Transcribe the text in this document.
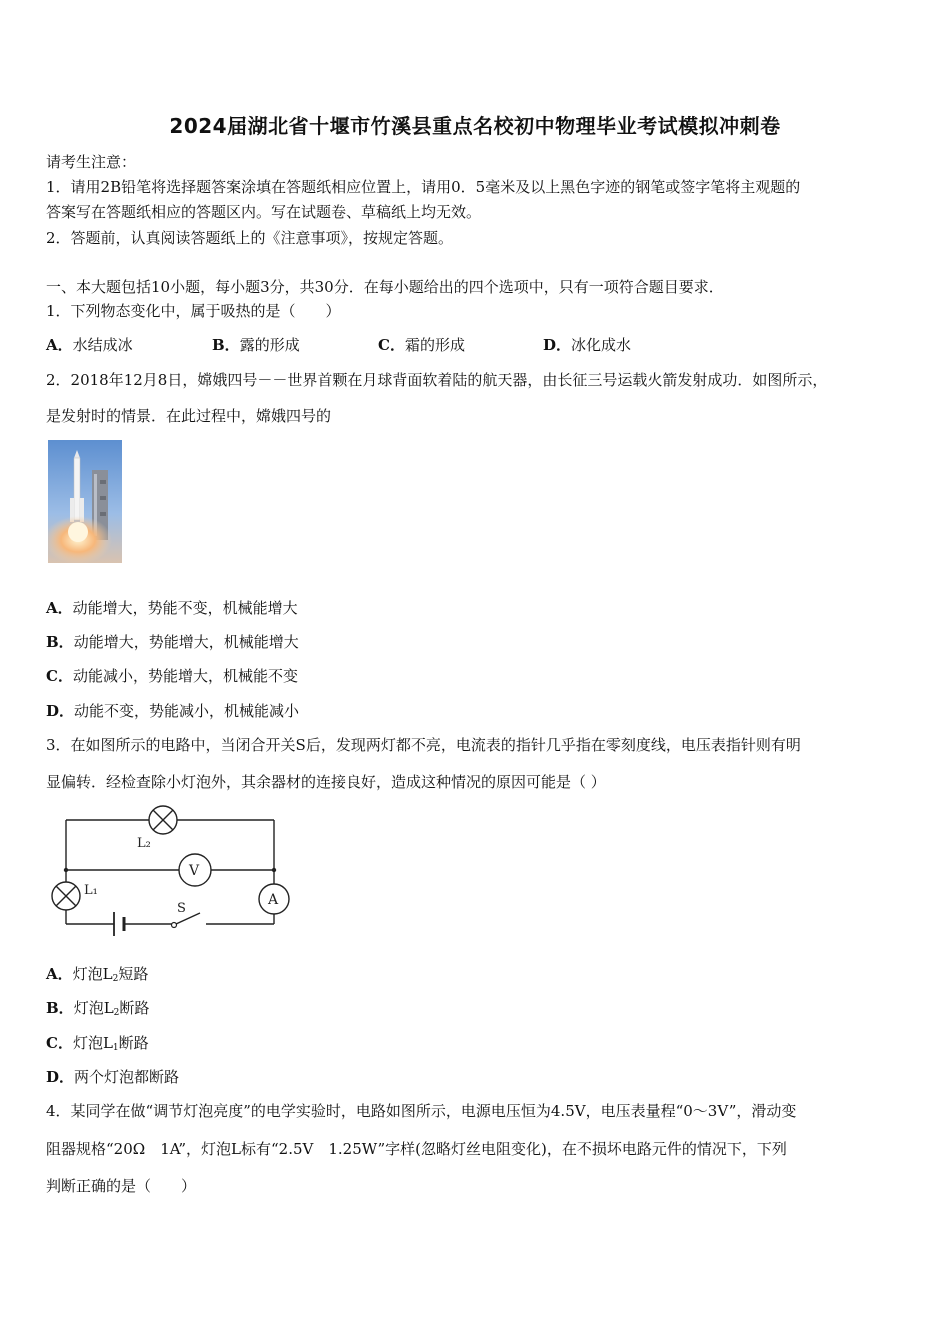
2024届湖北省十堰市竹溪县重点名校初中物理毕业考试模拟冲刺卷
请考生注意：
1．请用2B铅笔将选择题答案涂填在答题纸相应位置上，请用0．5毫米及以上黑色字迹的钢笔或签字笔将主观题的
答案写在答题纸相应的答题区内。写在试题卷、草稿纸上均无效。
2．答题前，认真阅读答题纸上的《注意事项》，按规定答题。
一、本大题包括10小题，每小题3分，共30分．在每小题给出的四个选项中，只有一项符合题目要求．
1．下列物态变化中，属于吸热的是（　　）
A．水结成冰	B．露的形成	C．霜的形成	D．冰化成水
2．2018年12月8日，嫦娥四号－－世界首颗在月球背面软着陆的航天器，由长征三号运载火箭发射成功．如图所示，
是发射时的情景．在此过程中，嫦娥四号的
A．动能增大，势能不变，机械能增大
B．动能增大，势能增大，机械能增大
C．动能减小，势能增大，机械能不变
D．动能不变，势能减小，机械能减小
3．在如图所示的电路中，当闭合开关S后，发现两灯都不亮，电流表的指针几乎指在零刻度线，电压表指针则有明
显偏转．经检查除小灯泡外，其余器材的连接良好，造成这种情况的原因可能是（ ）
L₂
L₁
V
A
S
A．灯泡$L_2$短路
B．灯泡$L_2$断路
C．灯泡$L_1$断路
D．两个灯泡都断路
4．某同学在做“调节灯泡亮度”的电学实验时，电路如图所示，电源电压恒为4.5V，电压表量程“0～3V”，滑动变
阻器规格“20Ω　1A”，灯泡L标有“2.5V　1.25W”字样(忽略灯丝电阻变化)，在不损坏电路元件的情况下，下列
判断正确的是（　　）
